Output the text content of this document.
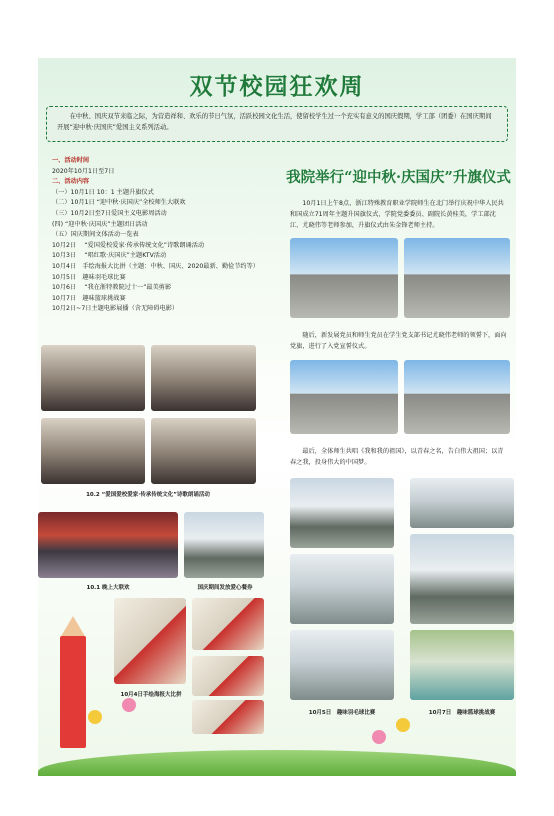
双节校园狂欢周
在中秋、国庆双节来临之际，为营造祥和、欢乐的节日气氛，活跃校园文化生活，使留校学生过一个充实有意义的国庆假期，学工部（团委）在国庆期间开展“迎中秋·庆国庆”爱国主义系列活动。
一、活动时间
2020年10月1日至7日
二、活动内容
（一）10月1日 10：1 主题升旗仪式
（二）10月1日 “迎中秋·庆国庆”全校师生大联欢
（三）10月2日至7日爱国主义电影周活动
(四) “迎中秋·庆国庆”主题团日活动
（五）国庆期间文体活动一览表
10月2日　 “爱国爱校爱家·传承传统文化”诗歌朗诵活动
10月3日　 “唱红歌·庆国庆”主题KTV活动
10月4日　手绘海报大比拼（主题：中秋、国庆、2020最新、勤俭节约等）
10月5日　趣味羽毛球比赛
10月6日　 “我在浙特教院过十一”最美剪影
10月7日　趣味篮球挑战赛
10月2日~7日主题电影展播（含无障碍电影）
10.2 “爱国爱校爱家·传承传统文化”诗歌朗诵活动
10.1 晚上大联欢	国庆期间发放爱心餐券
10月4日手绘海报大比拼
我院举行“迎中秋·庆国庆”升旗仪式
10月1日上午8点，浙江特殊教育职业学院师生在北门举行庆祝中华人民共和国成立71周年主题升国旗仪式，学院党委委员、副院长黄桂美，学工部沈江、尤晓伟等老师参加，升旗仪式由朱金锋老师主持。
随后，新发展党员和师生党员在学生党支部书记尤晓伟老师的领誓下，面向党旗，进行了入党宣誓仪式。
最后，全体师生共唱《我和我的祖国》，以青春之名，告白伟大祖国；以青春之我，投身伟大的中国梦。
10月5日　趣味羽毛球比赛	10月7日　趣味篮球挑战赛
